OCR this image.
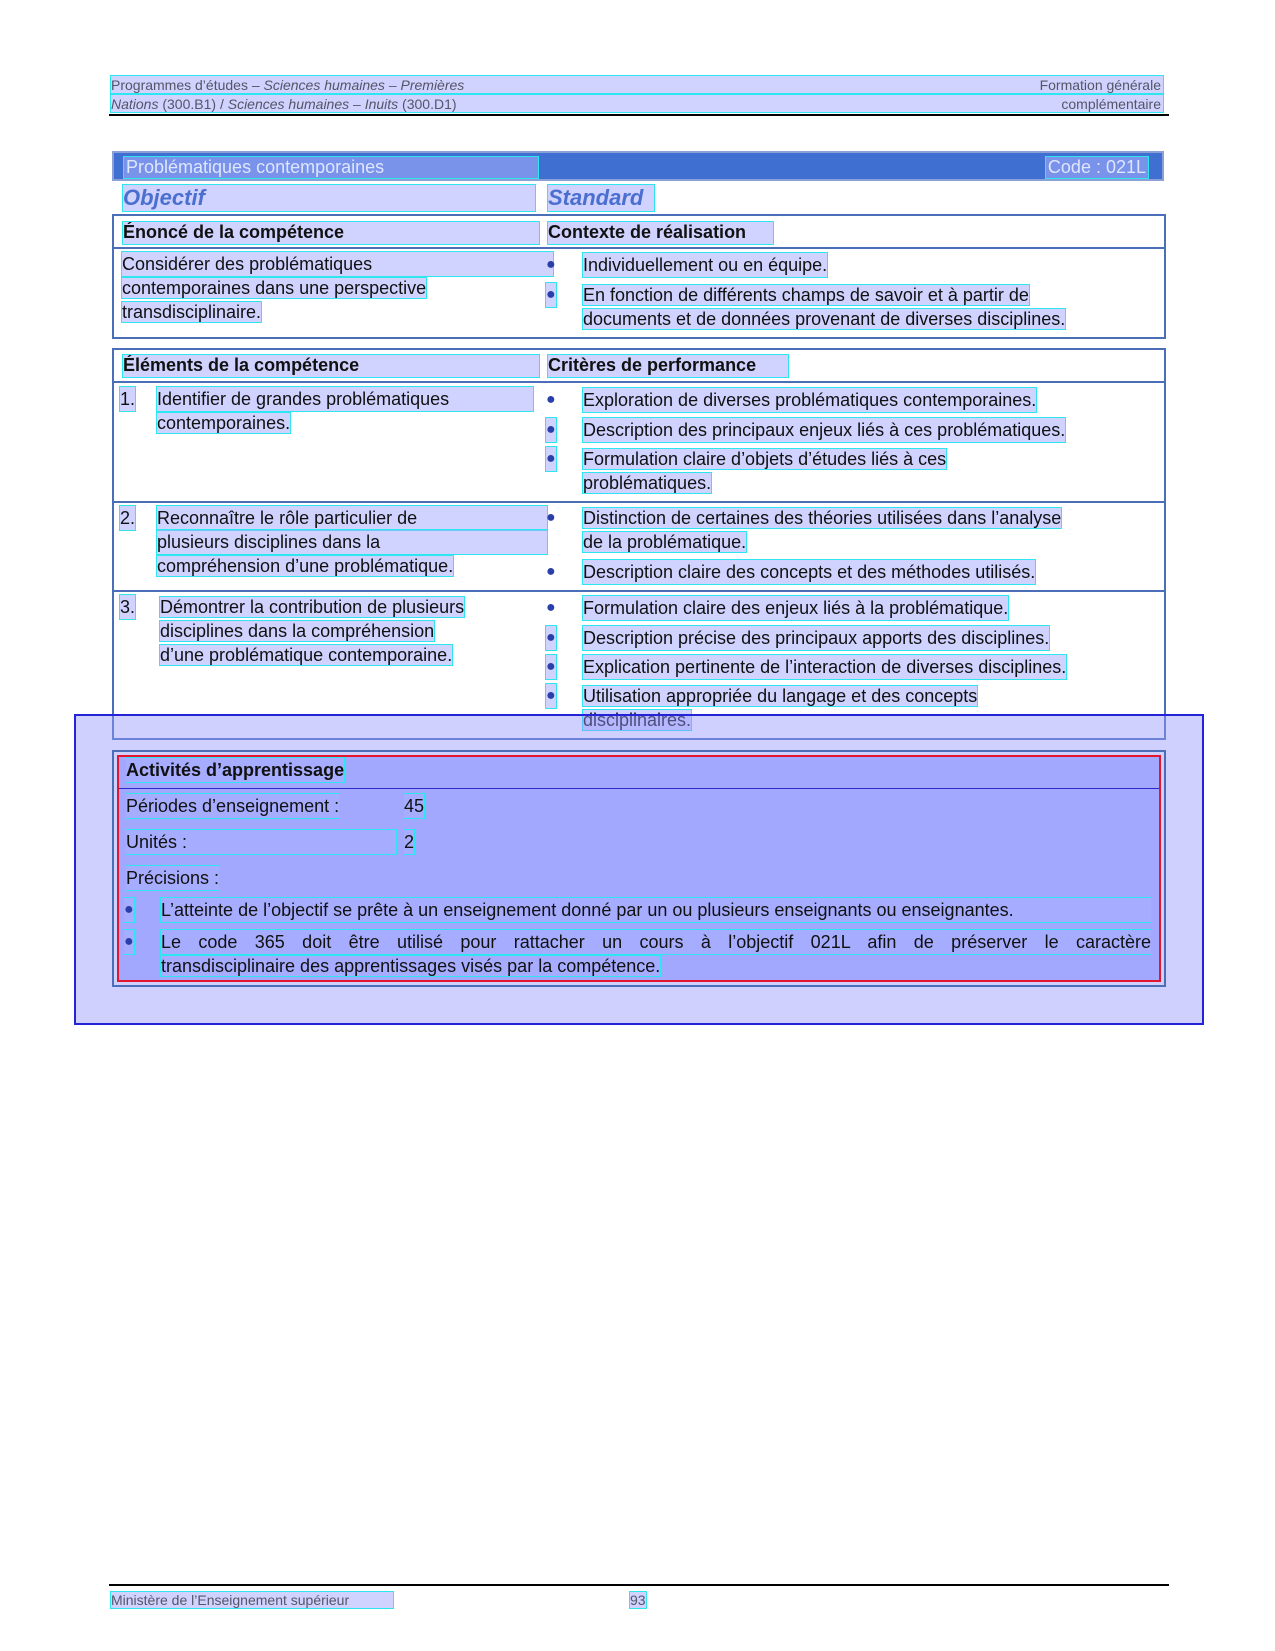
Programmes d’études – Sciences humaines – Premières	Formation générale
Nations (300.B1) / Sciences humaines – Inuits (300.D1)	complémentaire
Problématiques contemporaines	Code : 021L
Objectif	Standard
Énoncé de la compétence	Contexte de réalisation
Considérer des problématiques
contemporaines dans une perspective
transdisciplinaire.
● Individuellement ou en équipe.
● En fonction de différents champs de savoir et à partir de
documents et de données provenant de diverses disciplines.
Éléments de la compétence	Critères de performance
1. Identifier de grandes problématiques
contemporaines.
● Exploration de diverses problématiques contemporaines.
● Description des principaux enjeux liés à ces problématiques.
● Formulation claire d’objets d’études liés à ces
problématiques.
2. Reconnaître le rôle particulier de
plusieurs disciplines dans la
compréhension d’une problématique.
● Distinction de certaines des théories utilisées dans l’analyse
de la problématique.
● Description claire des concepts et des méthodes utilisés.
3. Démontrer la contribution de plusieurs
disciplines dans la compréhension
d’une problématique contemporaine.
● Formulation claire des enjeux liés à la problématique.
● Description précise des principaux apports des disciplines.
● Explication pertinente de l’interaction de diverses disciplines.
● Utilisation appropriée du langage et des concepts
disciplinaires.
Activités d’apprentissage
Périodes d’enseignement :	45
Unités :	2
Précisions :
● L’atteinte de l’objectif se prête à un enseignement donné par un ou plusieurs enseignants ou enseignantes.
● Le code 365 doit être utilisé pour rattacher un cours à l’objectif 021L afin de préserver le caractère
transdisciplinaire des apprentissages visés par la compétence.
Ministère de l’Enseignement supérieur	93
